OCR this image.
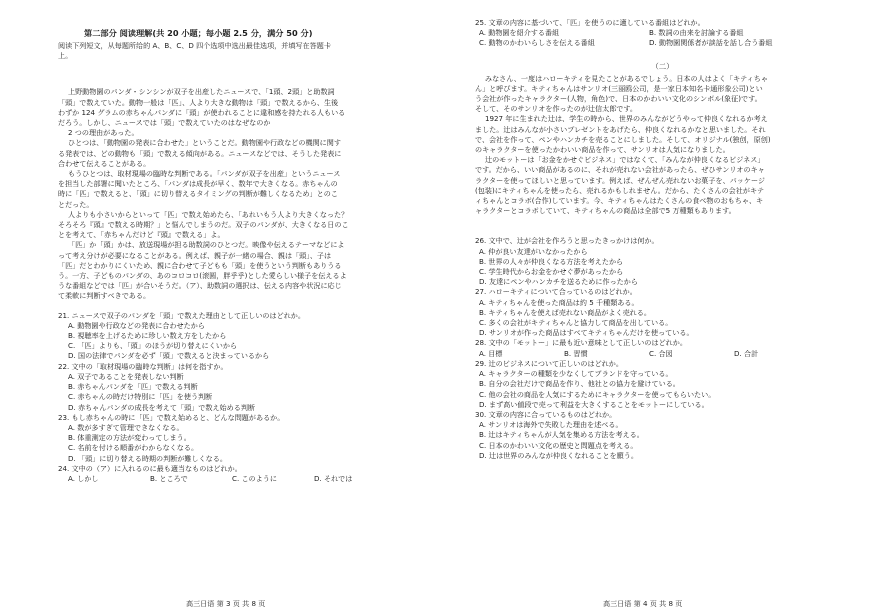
第二部分 阅读理解(共 20 小题；每小题 2.5 分，满分 50 分)
阅读下列短文，从每题所给的 A、B、C、D 四个选项中选出最佳选项，并填写在答题卡
上。
上野動物園のパンダ・シンシンが双子を出産したニュースで、「1頭、2頭」と助数詞
「頭」で数えていた。動物一般は「匹」、人より大きな動物は「頭」で数えるから、生後
わずか 124 グラムの赤ちゃんパンダに「頭」が使われることに違和感を持たれる人もいる
だろう。しかし、ニュースでは「頭」で数えていたのはなぜなのか
2 つの理由があった。
ひとつは、「動物園の発表に合わせた」ということだ。動物園や行政などの機関に関す
る発表では、どの動物も「頭」で数える傾向がある。ニュースなどでは、そうした発表に
合わせて伝えることがある。
もうひとつは、取材現場の臨時な判断である。「パンダが双子を出産」というニュース
を担当した部署に聞いたところ、「パンダは成長が早く、数年で大きくなる。赤ちゃんの
時に「匹」で数えると、「頭」に切り替えるタイミングの判断が難しくなるため」とのこ
とだった。
人よりも小さいからといって「匹」で数え始めたら、「あれいもう人より大きくなった？
そろそろ『頭』で数える時期？」と悩んでしまうのだ。双子のパンダが、大きくなる日のこ
とを考えて、「赤ちゃんだけど『頭』で数える」よ。
「匹」か「頭」かは、放送現場が担る助数詞のひとつだ。映像や伝えるテーマなどによ
って考え分けが必要になることがある。例えば、親子が一緒の場合、親は「頭」、子は
「匹」だとわかりにくいため、親に合わせて子どもも「頭」を使うという判断もありうる
う。一方、子どものパンダの、あのコロコロ(滚圆，胖乎乎)とした愛らしい様子を伝えるよ
うな番組などでは「匹」が合いそうだ。（ア）、助数詞の選択は、伝える内容や状況に応じ
て柔軟に判断すべきである。
21. ニュースで双子のパンダを「頭」で数えた理由として正しいのはどれか。
A. 動物園や行政などの発表に合わせたから
B. 視聴率を上げるために珍しい数え方をしたから
C. 「匹」よりも、「頭」のほうが切り替えにくいから
D. 国の法律でパンダを必ず「頭」で数えると決まっているから
22. 文中の「取材現場の臨時な判断」は何を指すか。
A. 双子であることを発表しない判断
B. 赤ちゃんパンダを「匹」で数える判断
C. 赤ちゃんの時だけ特別に「匹」を使う判断
D. 赤ちゃんパンダの成長を考えて「頭」で数え始める判断
23. もし赤ちゃんの時に「匹」で数え始めると、どんな問題があるか。
A. 数が多すぎて管理できなくなる。
B. 体重測定の方法が変わってしまう。
C. 名前を付ける順番がわからなくなる。
D. 「頭」に切り替える時期の判断が難しくなる。
24. 文中の（ア）に入れるのに最も適当なものはどれか。
A. しかし	B. ところで	C. このように	D. それでは
高三日语 第 3 页 共 8 页
25. 文章の内容に基づいて、「匹」を使うのに適している番組はどれか。
A. 動物園を紹介する番組	B. 数詞の由来を討論する番組
C. 動物のかわいらしさを伝える番組	D. 動物園関係者が談話を話し合う番組
（二）
みなさん、一度はハローキティを見たことがあるでしょう。日本の人はよく「キティちゃ
ん」と呼びます。キティちゃんはサンリオ(三丽鸥公司，是一家日本知名卡通形象公司)とい
う会社が作ったキャラクター(人物，角色)で、日本のかわいい文化のシンボル(象征)です。
そして、そのサンリオを作ったのが辻信太郎です。
1927 年に生まれた辻は、学生の時から、世界のみんながどうやって仲良くなれるか考え
ました。辻はみんなが小さいプレゼントをあげたら、仲良くなれるかなと思いました。それ
で、会社を作って、ペンやハンカチを売ることにしました。そして、オリジナル(独创，原创)
のキャラクターを使ったかわいい商品を作って、サンリオは人気になりました。
辻のモットーは「お金をかせぐビジネス」ではなくて、「みんなが仲良くなるビジネス」
です。だから、いい商品があるのに、それが売れない会社があったら、ぜひサンリオのキャ
ラクターを使ってほしいと思っています。例えば、ぜんぜん売れないお菓子を、パッケージ
(包装)にキティちゃんを使ったら、売れるかもしれません。だから、たくさんの会社がキテ
ィちゃんとコラボ(合作)しています。今、キティちゃんはたくさんの食べ物のおもちゃ、キ
ャラクターとコラボしていて、キティちゃんの商品は全部で5 万種類もあります。
26. 文中で、辻が会社を作ろうと思ったきっかけは何か。
A. 仲が良い友達がいなかったから
B. 世界の人々が仲良くなる方法を考えたから
C. 学生時代からお金をかせぐ夢があったから
D. 友達にペンやハンカチを送るために作ったから
27. ハローキティについて合っているのはどれか。
A. キティちゃんを使った商品は約 5 千種類ある。
B. キティちゃんを使えば売れない商品がよく売れる。
C. 多くの会社がキティちゃんと協力して商品を出している。
D. サンリオが作った商品はすべてキティちゃんだけを使っている。
28. 文中の「モットー」に最も近い意味として正しいのはどれか。
A. 目標	B. 習慣	C. 合図	D. 合計
29. 辻のビジネスについて正しいのはどれか。
A. キャラクターの種類を少なくしてブランドを守っている。
B. 自分の会社だけで商品を作り、他社との協力を避けている。
C. 他の会社の商品を人気にするためにキャラクターを使ってもらいたい。
D. まず高い値段で売って利益を大きくすることをモットーにしている。
30. 文章の内容に合っているものはどれか。
A. サンリオは海外で失敗した理由を述べる。
B. 辻はキティちゃんが人気を集める方法を考える。
C. 日本のかわいい文化の歴史と問題点を考える。
D. 辻は世界のみんなが仲良くなれることを願う。
高三日语 第 4 页 共 8 页
